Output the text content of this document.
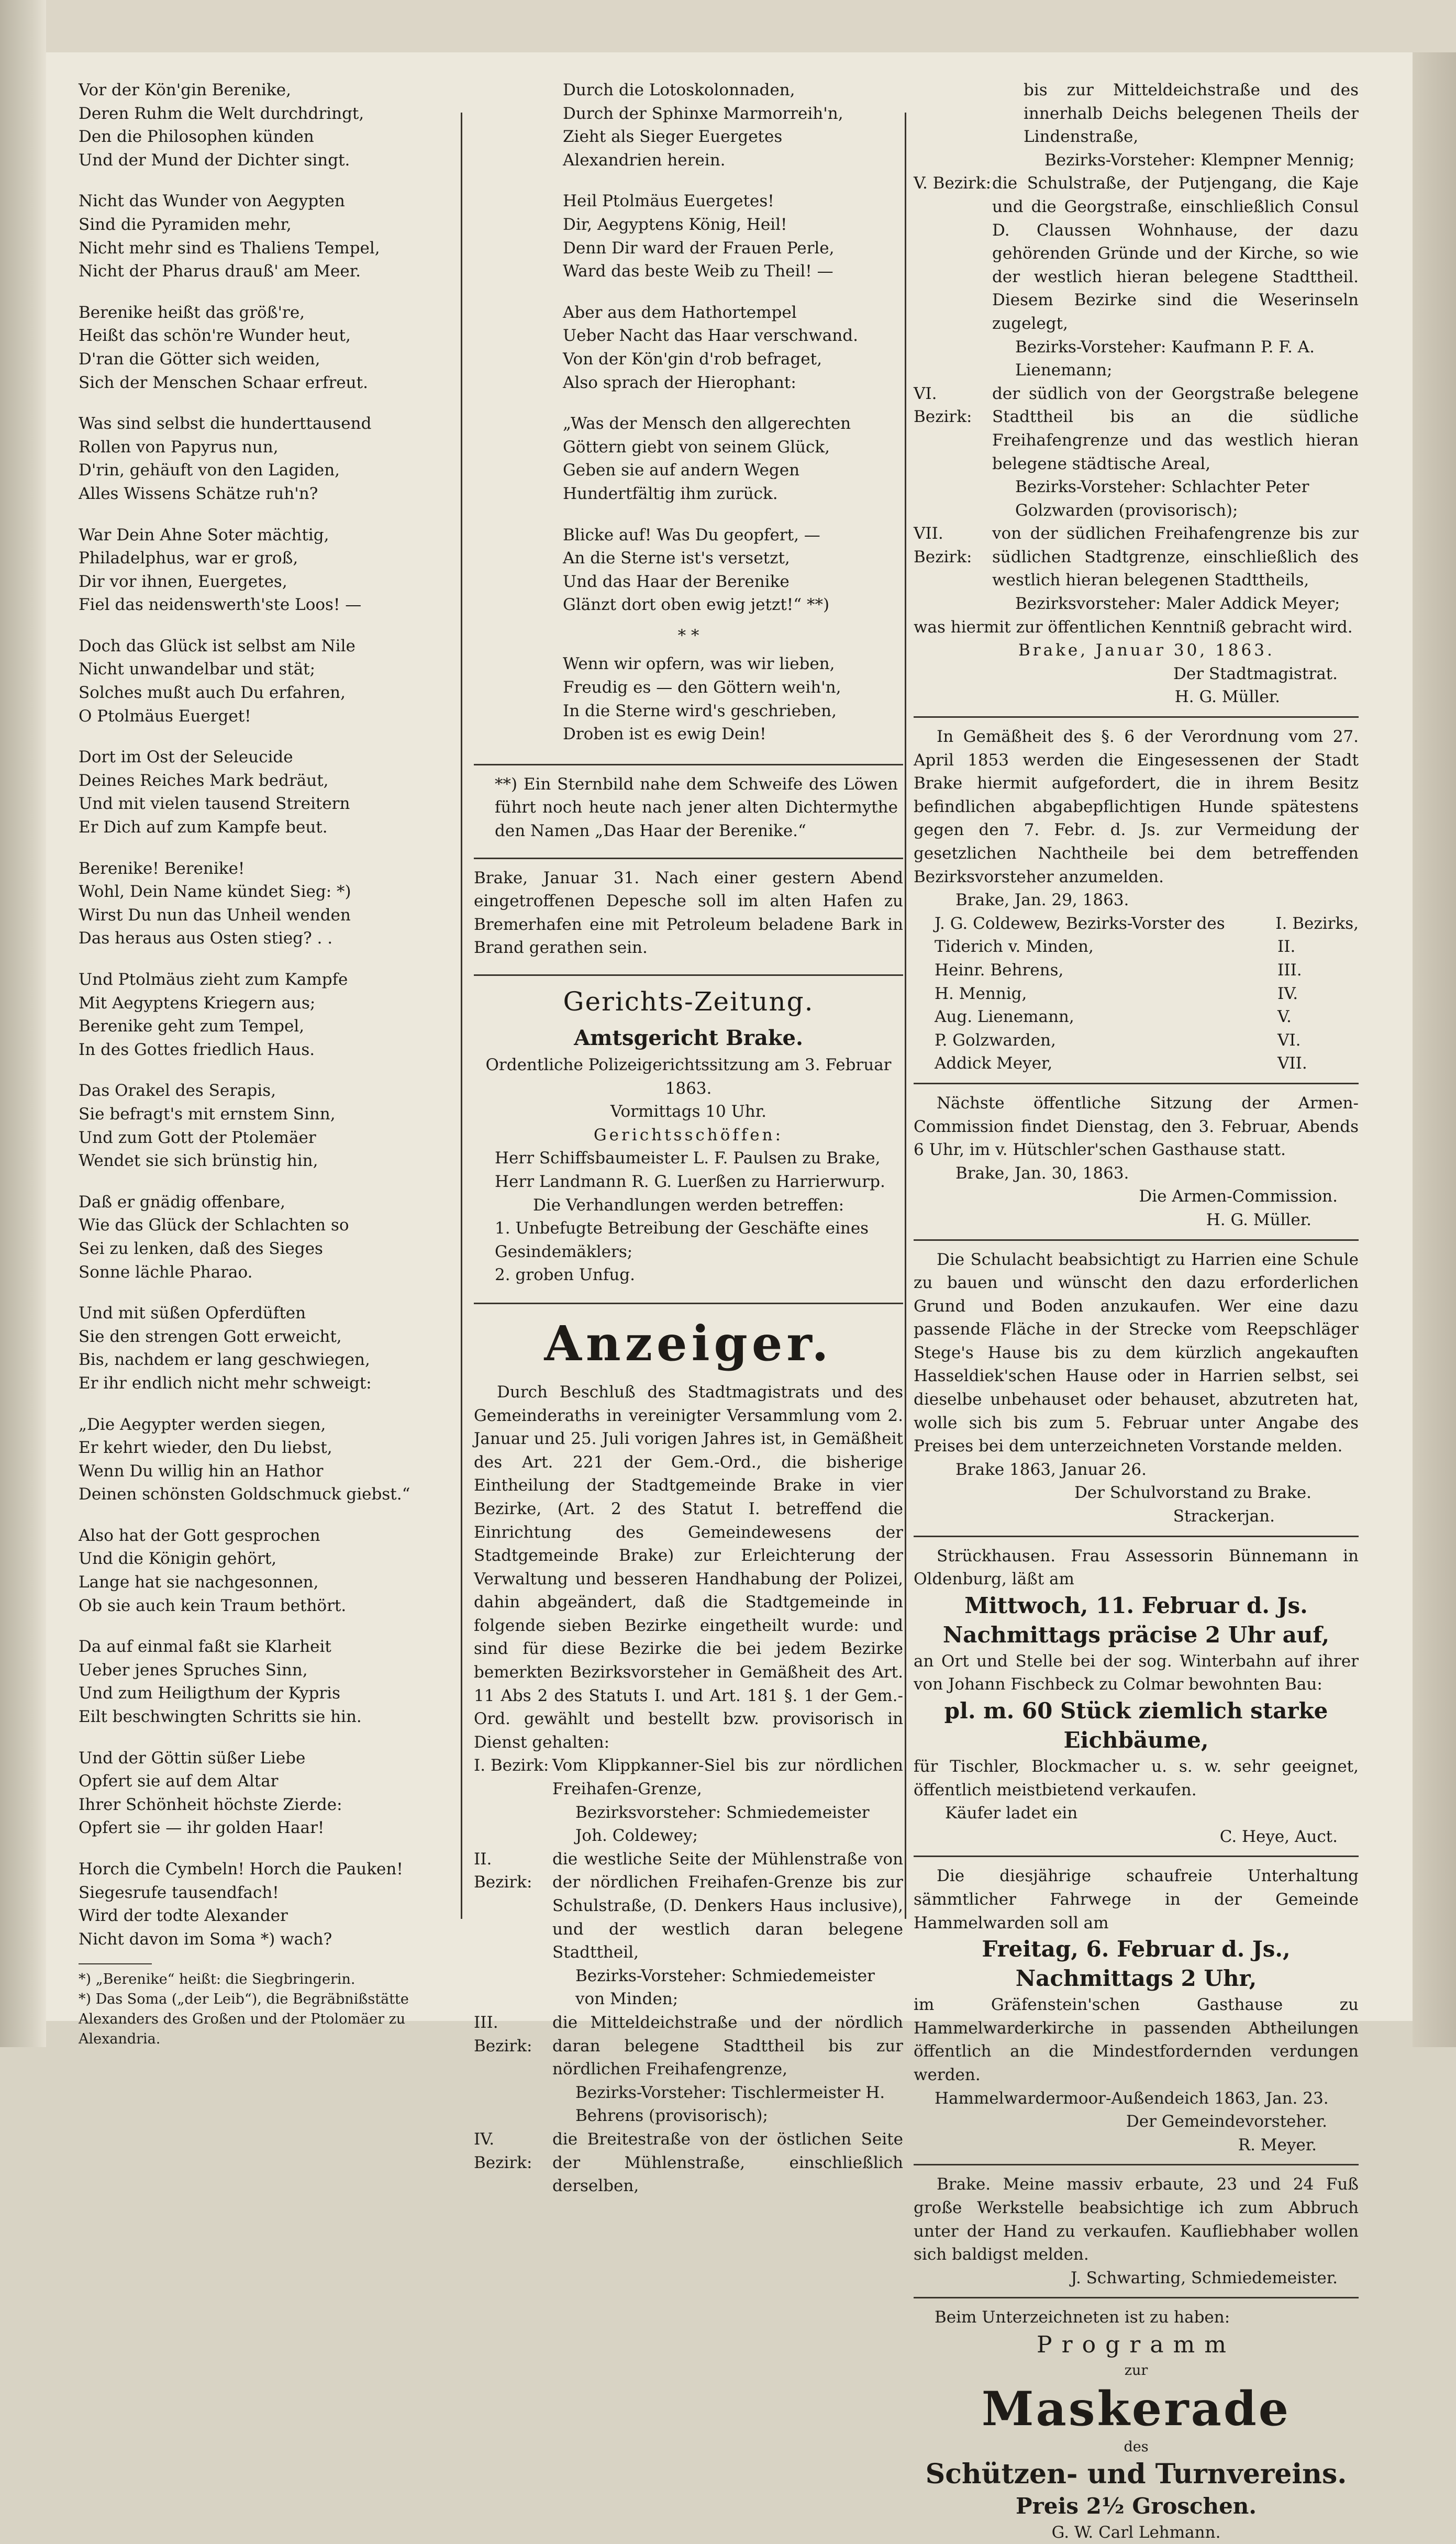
Vor der Kön'gin Berenike,
Deren Ruhm die Welt durchdringt,
Den die Philosophen künden
Und der Mund der Dichter singt.
Nicht das Wunder von Aegypten
Sind die Pyramiden mehr,
Nicht mehr sind es Thaliens Tempel,
Nicht der Pharus drauß' am Meer.
Berenike heißt das größ're,
Heißt das schön're Wunder heut,
D'ran die Götter sich weiden,
Sich der Menschen Schaar erfreut.
Was sind selbst die hunderttausend
Rollen von Papyrus nun,
D'rin, gehäuft von den Lagiden,
Alles Wissens Schätze ruh'n?
War Dein Ahne Soter mächtig,
Philadelphus, war er groß,
Dir vor ihnen, Euergetes,
Fiel das neidenswerth'ste Loos! —
Doch das Glück ist selbst am Nile
Nicht unwandelbar und stät;
Solches mußt auch Du erfahren,
O Ptolmäus Euerget!
Dort im Ost der Seleucide
Deines Reiches Mark bedräut,
Und mit vielen tausend Streitern
Er Dich auf zum Kampfe beut.
Berenike! Berenike!
Wohl, Dein Name kündet Sieg: *)
Wirst Du nun das Unheil wenden
Das heraus aus Osten stieg? . .
Und Ptolmäus zieht zum Kampfe
Mit Aegyptens Kriegern aus;
Berenike geht zum Tempel,
In des Gottes friedlich Haus.
Das Orakel des Serapis,
Sie befragt's mit ernstem Sinn,
Und zum Gott der Ptolemäer
Wendet sie sich brünstig hin,
Daß er gnädig offenbare,
Wie das Glück der Schlachten so
Sei zu lenken, daß des Sieges
Sonne lächle Pharao.
Und mit süßen Opferdüften
Sie den strengen Gott erweicht,
Bis, nachdem er lang geschwiegen,
Er ihr endlich nicht mehr schweigt:
„Die Aegypter werden siegen,
Er kehrt wieder, den Du liebst,
Wenn Du willig hin an Hathor
Deinen schönsten Goldschmuck giebst.“
Also hat der Gott gesprochen
Und die Königin gehört,
Lange hat sie nachgesonnen,
Ob sie auch kein Traum bethört.
Da auf einmal faßt sie Klarheit
Ueber jenes Spruches Sinn,
Und zum Heiligthum der Kypris
Eilt beschwingten Schritts sie hin.
Und der Göttin süßer Liebe
Opfert sie auf dem Altar
Ihrer Schönheit höchste Zierde:
Opfert sie — ihr golden Haar!
Horch die Cymbeln! Horch die Pauken!
Siegesrufe tausendfach!
Wird der todte Alexander
Nicht davon im Soma *) wach?
*) „Berenike“ heißt: die Siegbringerin.
*) Das Soma („der Leib“), die Begräbnißstätte Alexanders des Großen und der Ptolomäer zu Alexandria.
Durch die Lotoskolonnaden,
Durch der Sphinxe Marmorreih'n,
Zieht als Sieger Euergetes
Alexandrien herein.
Heil Ptolmäus Euergetes!
Dir, Aegyptens König, Heil!
Denn Dir ward der Frauen Perle,
Ward das beste Weib zu Theil! —
Aber aus dem Hathortempel
Ueber Nacht das Haar verschwand.
Von der Kön'gin d'rob befraget,
Also sprach der Hierophant:
„Was der Mensch den allgerechten
Göttern giebt von seinem Glück,
Geben sie auf andern Wegen
Hundertfältig ihm zurück.
Blicke auf! Was Du geopfert, —
An die Sterne ist's versetzt,
Und das Haar der Berenike
Glänzt dort oben ewig jetzt!“ **)
* *
Wenn wir opfern, was wir lieben,
Freudig es — den Göttern weih'n,
In die Sterne wird's geschrieben,
Droben ist es ewig Dein!
**) Ein Sternbild nahe dem Schweife des Löwen führt noch heute nach jener alten Dichtermythe den Namen „Das Haar der Berenike.“
Brake, Januar 31. Nach einer gestern Abend eingetroffenen Depesche soll im alten Hafen zu Bremerhafen eine mit Petroleum beladene Bark in Brand gerathen sein.
Gerichts-Zeitung.
Amtsgericht Brake.
Ordentliche Polizeigerichtssitzung am 3. Februar 1863.
Vormittags 10 Uhr.
Gerichtsschöffen:
Herr Schiffsbaumeister L. F. Paulsen zu Brake,
Herr Landmann R. G. Luerßen zu Harrierwurp.
Die Verhandlungen werden betreffen:
1. Unbefugte Betreibung der Geschäfte eines Gesindemäklers;
2. groben Unfug.
Anzeiger.
Durch Beschluß des Stadtmagistrats und des Gemeinderaths in vereinigter Versammlung vom 2. Januar und 25. Juli vorigen Jahres ist, in Gemäßheit des Art. 221 der Gem.-Ord., die bisherige Eintheilung der Stadtgemeinde Brake in vier Bezirke, (Art. 2 des Statut I. betreffend die Einrichtung des Gemeindewesens der Stadtgemeinde Brake) zur Erleichterung der Verwaltung und besseren Handhabung der Polizei, dahin abgeändert, daß die Stadtgemeinde in folgende sieben Bezirke eingetheilt wurde: und sind für diese Bezirke die bei jedem Bezirke bemerkten Bezirksvorsteher in Gemäßheit des Art. 11 Abs 2 des Statuts I. und Art. 181 §. 1 der Gem.-Ord. gewählt und bestellt bzw. provisorisch in Dienst gehalten:
I. Bezirk:	Vom Klippkanner-Siel bis zur nördlichen Freihafen-Grenze,
Bezirksvorsteher: Schmiedemeister Joh. Coldewey;

II. Bezirk:	die westliche Seite der Mühlenstraße von der nördlichen Freihafen-Grenze bis zur Schulstraße, (D. Denkers Haus inclusive), und der westlich daran belegene Stadttheil,
Bezirks-Vorsteher: Schmiedemeister von Minden;

III. Bezirk:	die Mitteldeichstraße und der nördlich daran belegene Stadttheil bis zur nördlichen Freihafengrenze,
Bezirks-Vorsteher: Tischlermeister H. Behrens (provisorisch);

IV. Bezirk:	die Breitestraße von der östlichen Seite der Mühlenstraße, einschließlich derselben,
bis zur Mitteldeichstraße und des innerhalb Deichs belegenen Theils der Lindenstraße,
Bezirks-Vorsteher: Klempner Mennig;
V. Bezirk:	die Schulstraße, der Putjengang, die Kaje und die Georgstraße, einschließlich Consul D. Claussen Wohnhause, der dazu gehörenden Gründe und der Kirche, so wie der westlich hieran belegene Stadttheil. Diesem Bezirke sind die Weserinseln zugelegt,
Bezirks-Vorsteher: Kaufmann P. F. A. Lienemann;

VI. Bezirk:	der südlich von der Georgstraße belegene Stadttheil bis an die südliche Freihafengrenze und das westlich hieran belegene städtische Areal,
Bezirks-Vorsteher: Schlachter Peter Golzwarden (provisorisch);

VII. Bezirk:	von der südlichen Freihafengrenze bis zur südlichen Stadtgrenze, einschließlich des westlich hieran belegenen Stadttheils,
Bezirksvorsteher: Maler Addick Meyer;
was hiermit zur öffentlichen Kenntniß gebracht wird.
Brake, Januar 30, 1863.
Der Stadtmagistrat.
H. G. Müller.
In Gemäßheit des §. 6 der Verordnung vom 27. April 1853 werden die Eingesessenen der Stadt Brake hiermit aufgefordert, die in ihrem Besitz befindlichen abgabepflichtigen Hunde spätestens gegen den 7. Febr. d. Js. zur Vermeidung der gesetzlichen Nachtheile bei dem betreffenden Bezirksvorsteher anzumelden.
Brake, Jan. 29, 1863.
J. G. Coldewew, Bezirks-Vorster des	I. Bezirks,
Tiderich v. Minden,	II.
Heinr. Behrens,	III.
H. Mennig,	IV.
Aug. Lienemann,	V.
P. Golzwarden,	VI.
Addick Meyer,	VII.
Nächste öffentliche Sitzung der Armen-Commission findet Dienstag, den 3. Februar, Abends 6 Uhr, im v. Hütschler'schen Gasthause statt.
Brake, Jan. 30, 1863.
Die Armen-Commission.
H. G. Müller.
Die Schulacht beabsichtigt zu Harrien eine Schule zu bauen und wünscht den dazu erforderlichen Grund und Boden anzukaufen. Wer eine dazu passende Fläche in der Strecke vom Reepschläger Stege's Hause bis zu dem kürzlich angekauften Hasseldiek'schen Hause oder in Harrien selbst, sei dieselbe unbehauset oder behauset, abzutreten hat, wolle sich bis zum 5. Februar unter Angabe des Preises bei dem unterzeichneten Vorstande melden.
Brake 1863, Januar 26.
Der Schulvorstand zu Brake.
Strackerjan.
Strückhausen. Frau Assessorin Bünnemann in Oldenburg, läßt am
Mittwoch, 11. Februar d. Js.
Nachmittags präcise 2 Uhr auf,
an Ort und Stelle bei der sog. Winterbahn auf ihrer von Johann Fischbeck zu Colmar bewohnten Bau:
pl. m. 60 Stück ziemlich starke
Eichbäume,
für Tischler, Blockmacher u. s. w. sehr geeignet, öffentlich meistbietend verkaufen.
Käufer ladet ein
C. Heye, Auct.
Die diesjährige schaufreie Unterhaltung sämmtlicher Fahrwege in der Gemeinde Hammelwarden soll am
Freitag, 6. Februar d. Js.,
Nachmittags 2 Uhr,
im Gräfenstein'schen Gasthause zu Hammelwarderkirche in passenden Abtheilungen öffentlich an die Mindestfordernden verdungen werden.
Hammelwardermoor-Außendeich 1863, Jan. 23.
Der Gemeindevorsteher.
R. Meyer.
Brake. Meine massiv erbaute, 23 und 24 Fuß große Werkstelle beabsichtige ich zum Abbruch unter der Hand zu verkaufen. Kaufliebhaber wollen sich baldigst melden.
J. Schwarting, Schmiedemeister.
Beim Unterzeichneten ist zu haben:
Programm
zur
Maskerade
des
Schützen- und Turnvereins.
Preis 2½ Groschen.
G. W. Carl Lehmann.
